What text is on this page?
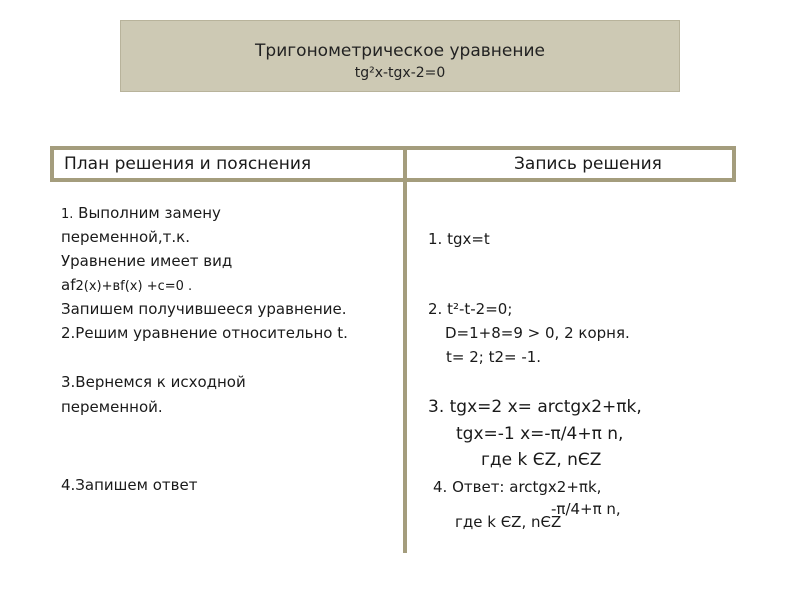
Тригонометрическое уравнение
tg²x-tgx-2=0
План решения и пояснения	Запись решения
1. Выполним замену
переменной,т.к.
Уравнение имеет вид
af2(x)+вf(x) +c=0 .
Запишем получившееся уравнение.
2.Решим уравнение относительно t.
3.Вернемся к исходной
переменной.
4.Запишем ответ
1. tgx=t
2. t²-t-2=0;
D=1+8=9 > 0, 2 корня.
t= 2; t2= -1.
3. tgx=2 x= arctgx2+πk,
tgx=-1 x=-π/4+π n,
где k ЄZ, nЄZ
4. Ответ: arctgx2+πk,
-π/4+π n,
где k ЄZ, nЄZ
